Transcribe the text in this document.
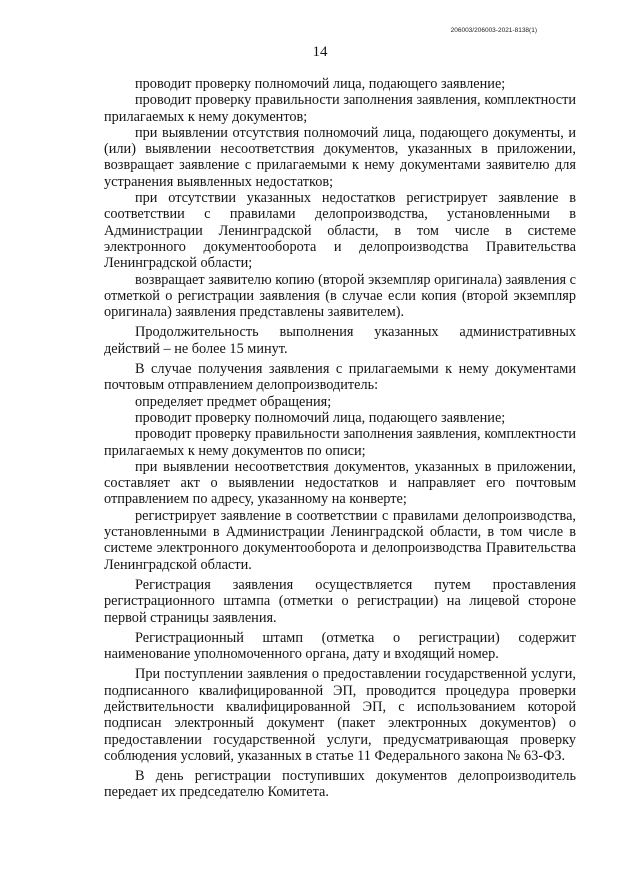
206003/206003-2021-8138(1)
14

проводит проверку полномочий лица, подающего заявление;

проводит проверку правильности заполнения заявления, комплектности прилагаемых к нему документов;

при выявлении отсутствия полномочий лица, подающего документы, и (или) выявлении несоответствия документов, указанных в приложении, возвращает заявление с прилагаемыми к нему документами заявителю для устранения выявленных недостатков;

при отсутствии указанных недостатков регистрирует заявление в соответствии с правилами делопроизводства, установленными в Администрации Ленинградской области, в том числе в системе электронного документооборота и делопроизводства Правительства Ленинградской области;

возвращает заявителю копию (второй экземпляр оригинала) заявления с отметкой о регистрации заявления (в случае если копия (второй экземпляр оригинала) заявления представлены заявителем).

Продолжительность выполнения указанных административных действий – не более 15 минут.

В случае получения заявления с прилагаемыми к нему документами почтовым отправлением делопроизводитель:

определяет предмет обращения;

проводит проверку полномочий лица, подающего заявление;

проводит проверку правильности заполнения заявления, комплектности прилагаемых к нему документов по описи;

при выявлении несоответствия документов, указанных в приложении, составляет акт о выявлении недостатков и направляет его почтовым отправлением по адресу, указанному на конверте;

регистрирует заявление в соответствии с правилами делопроизводства, установленными в Администрации Ленинградской области, в том числе в системе электронного документооборота и делопроизводства Правительства Ленинградской области.

Регистрация заявления осуществляется путем проставления регистрационного штампа (отметки о регистрации) на лицевой стороне первой страницы заявления.

Регистрационный штамп (отметка о регистрации) содержит наименование уполномоченного органа, дату и входящий номер.

При поступлении заявления о предоставлении государственной услуги, подписанного квалифицированной ЭП, проводится процедура проверки действительности квалифицированной ЭП, с использованием которой подписан электронный документ (пакет электронных документов) о предоставлении государственной услуги, предусматривающая проверку соблюдения условий, указанных в статье 11 Федерального закона № 63-ФЗ.

В день регистрации поступивших документов делопроизводитель передает их председателю Комитета.
